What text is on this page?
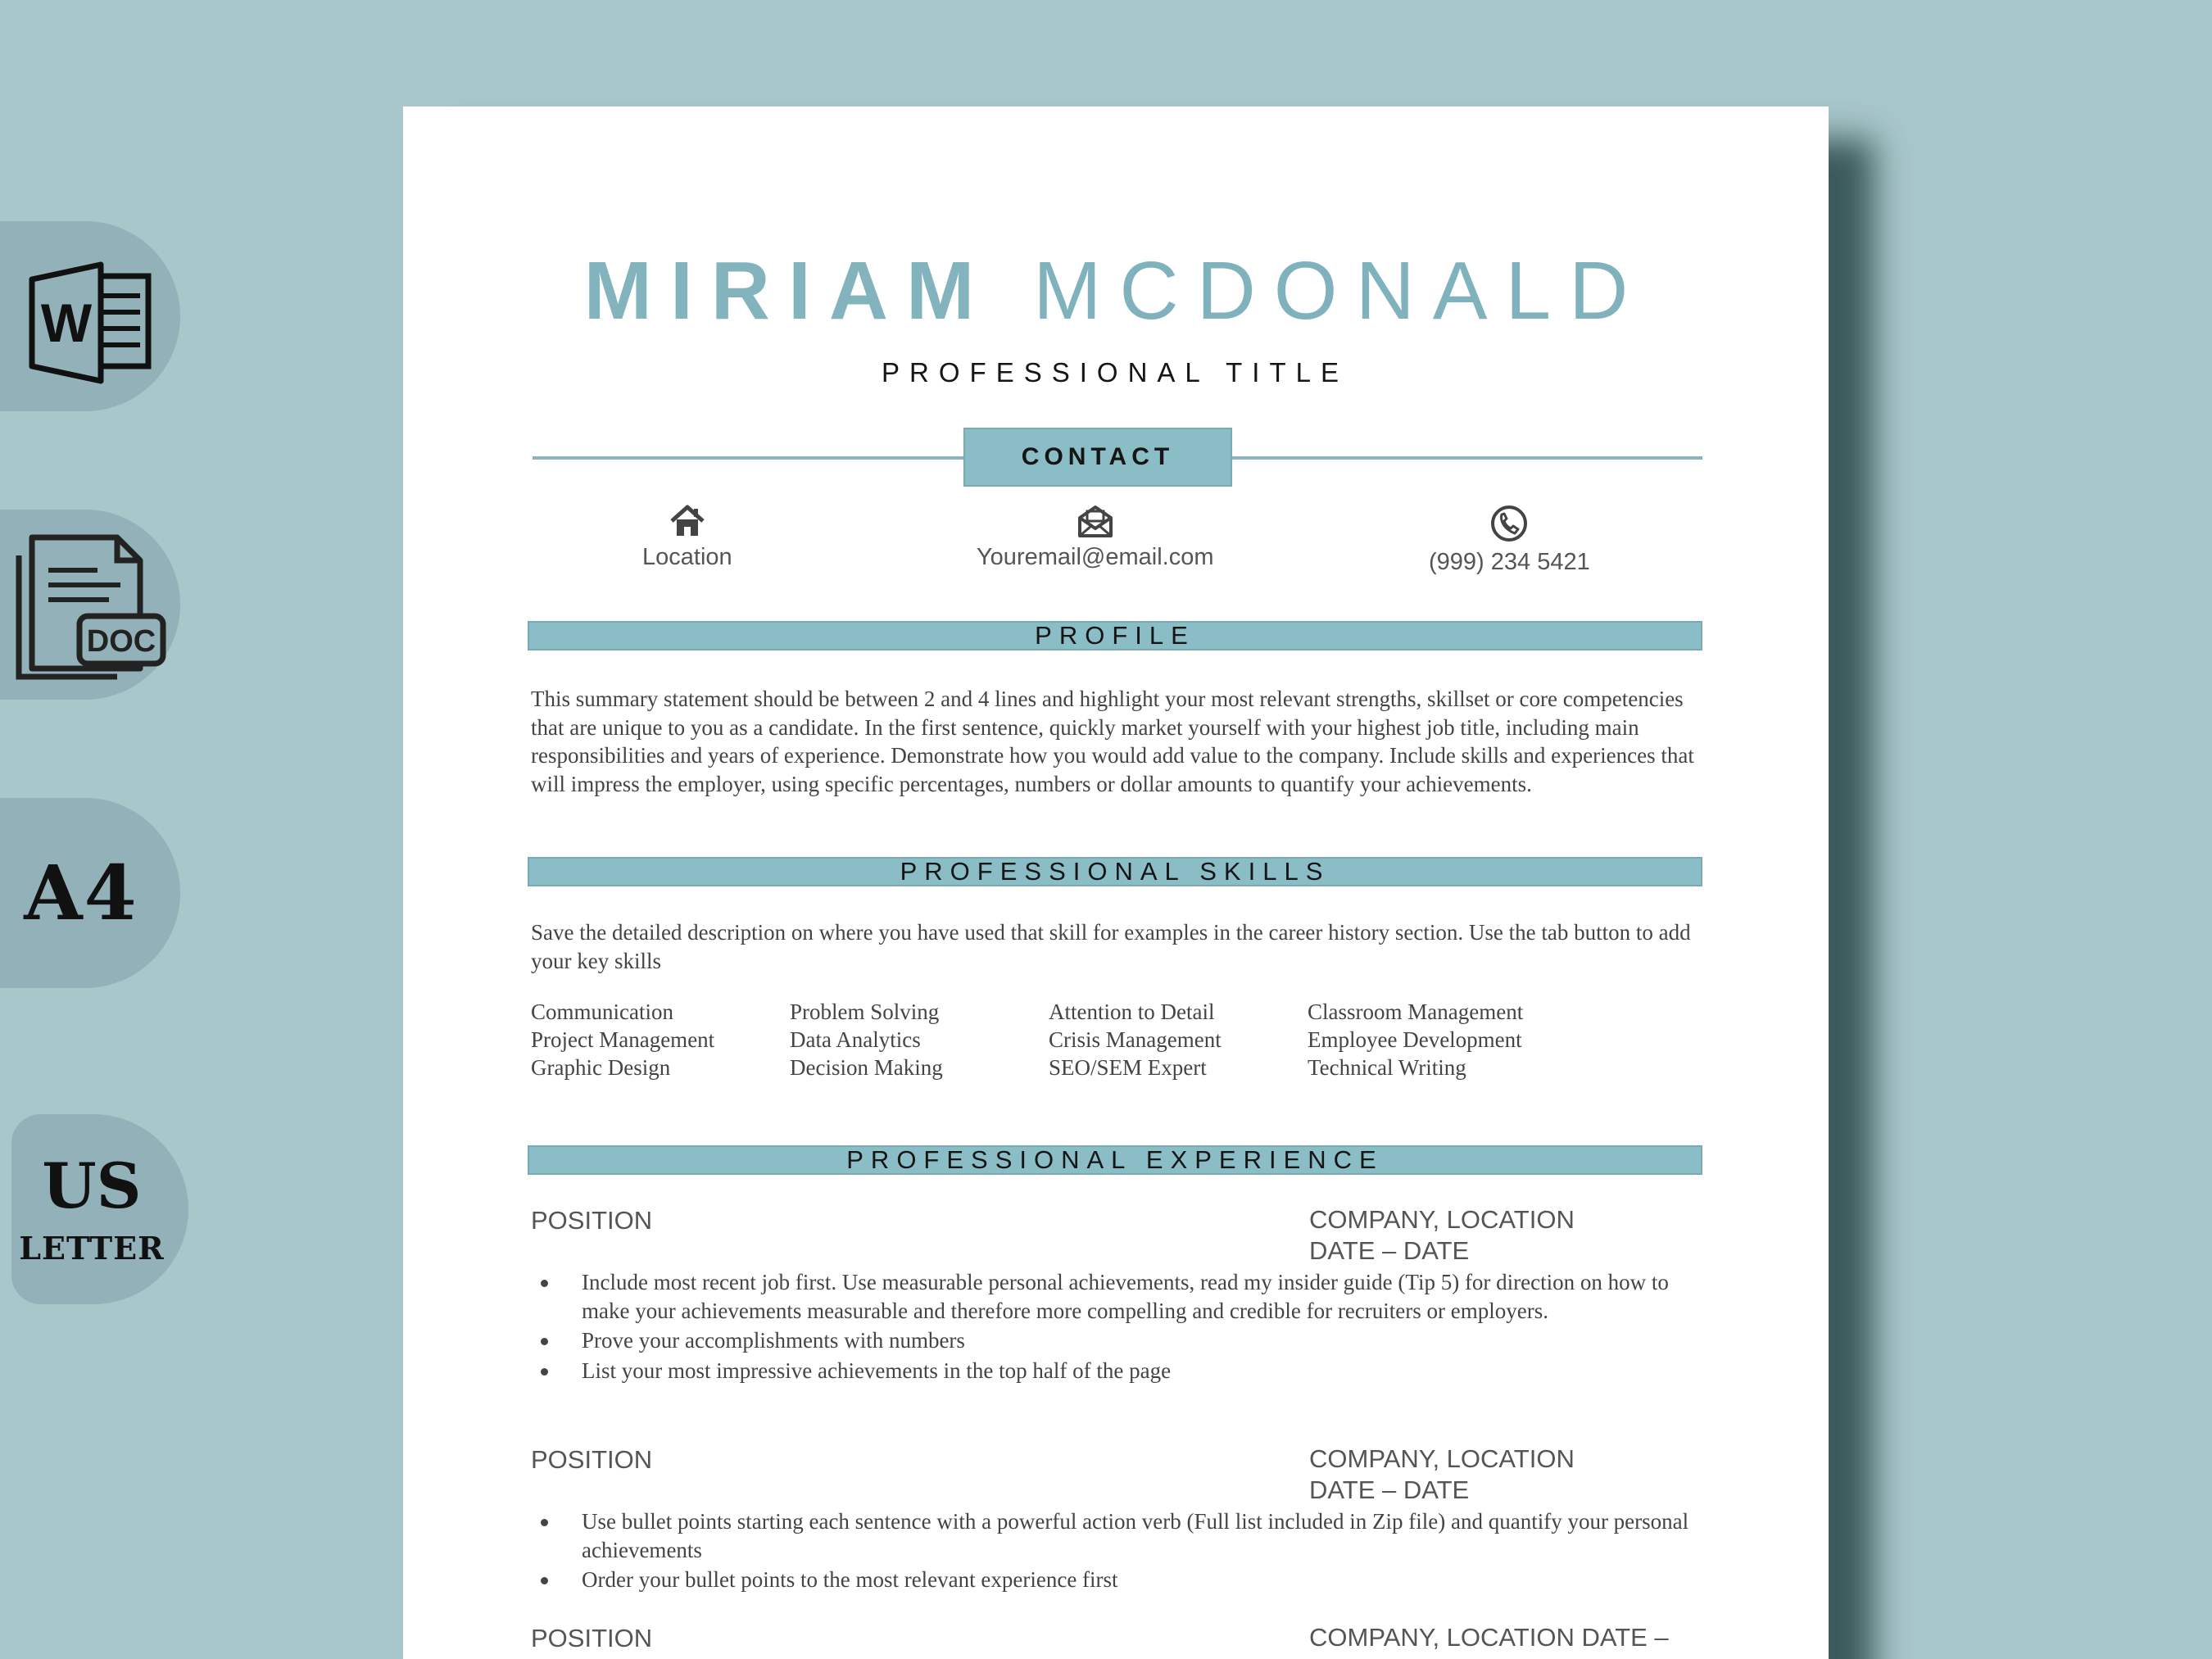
W
DOC
A4
US
LETTER
MIRIAM MCDONALD
PROFESSIONAL TITLE
CONTACT
Location	Youremail@email.com	(999) 234 5421
PROFILE
This summary statement should be between 2 and 4 lines and highlight your most relevant strengths, skillset or core competencies that are unique to you as a candidate. In the first sentence, quickly market yourself with your highest job title, including main responsibilities and years of experience. Demonstrate how you would add value to the company. Include skills and experiences that will impress the employer, using specific percentages, numbers or dollar amounts to quantify your achievements.
PROFESSIONAL SKILLS
Save the detailed description on where you have used that skill for examples in the career history section. Use the tab button to add your key skills
Communication	Problem Solving	Attention to Detail	Classroom Management
Project Management	Data Analytics	Crisis Management	Employee Development
Graphic Design	Decision Making	SEO/SEM Expert	Technical Writing
PROFESSIONAL EXPERIENCE
POSITION	COMPANY, LOCATION
DATE – DATE
Include most recent job first. Use measurable personal achievements, read my insider guide (Tip 5) for direction on how to make your achievements measurable and therefore more compelling and credible for recruiters or employers.
Prove your accomplishments with numbers
List your most impressive achievements in the top half of the page
POSITION	COMPANY, LOCATION
DATE – DATE
Use bullet points starting each sentence with a powerful action verb (Full list included in Zip file) and quantify your personal achievements
Order your bullet points to the most relevant experience first
POSITION	COMPANY, LOCATION DATE –
